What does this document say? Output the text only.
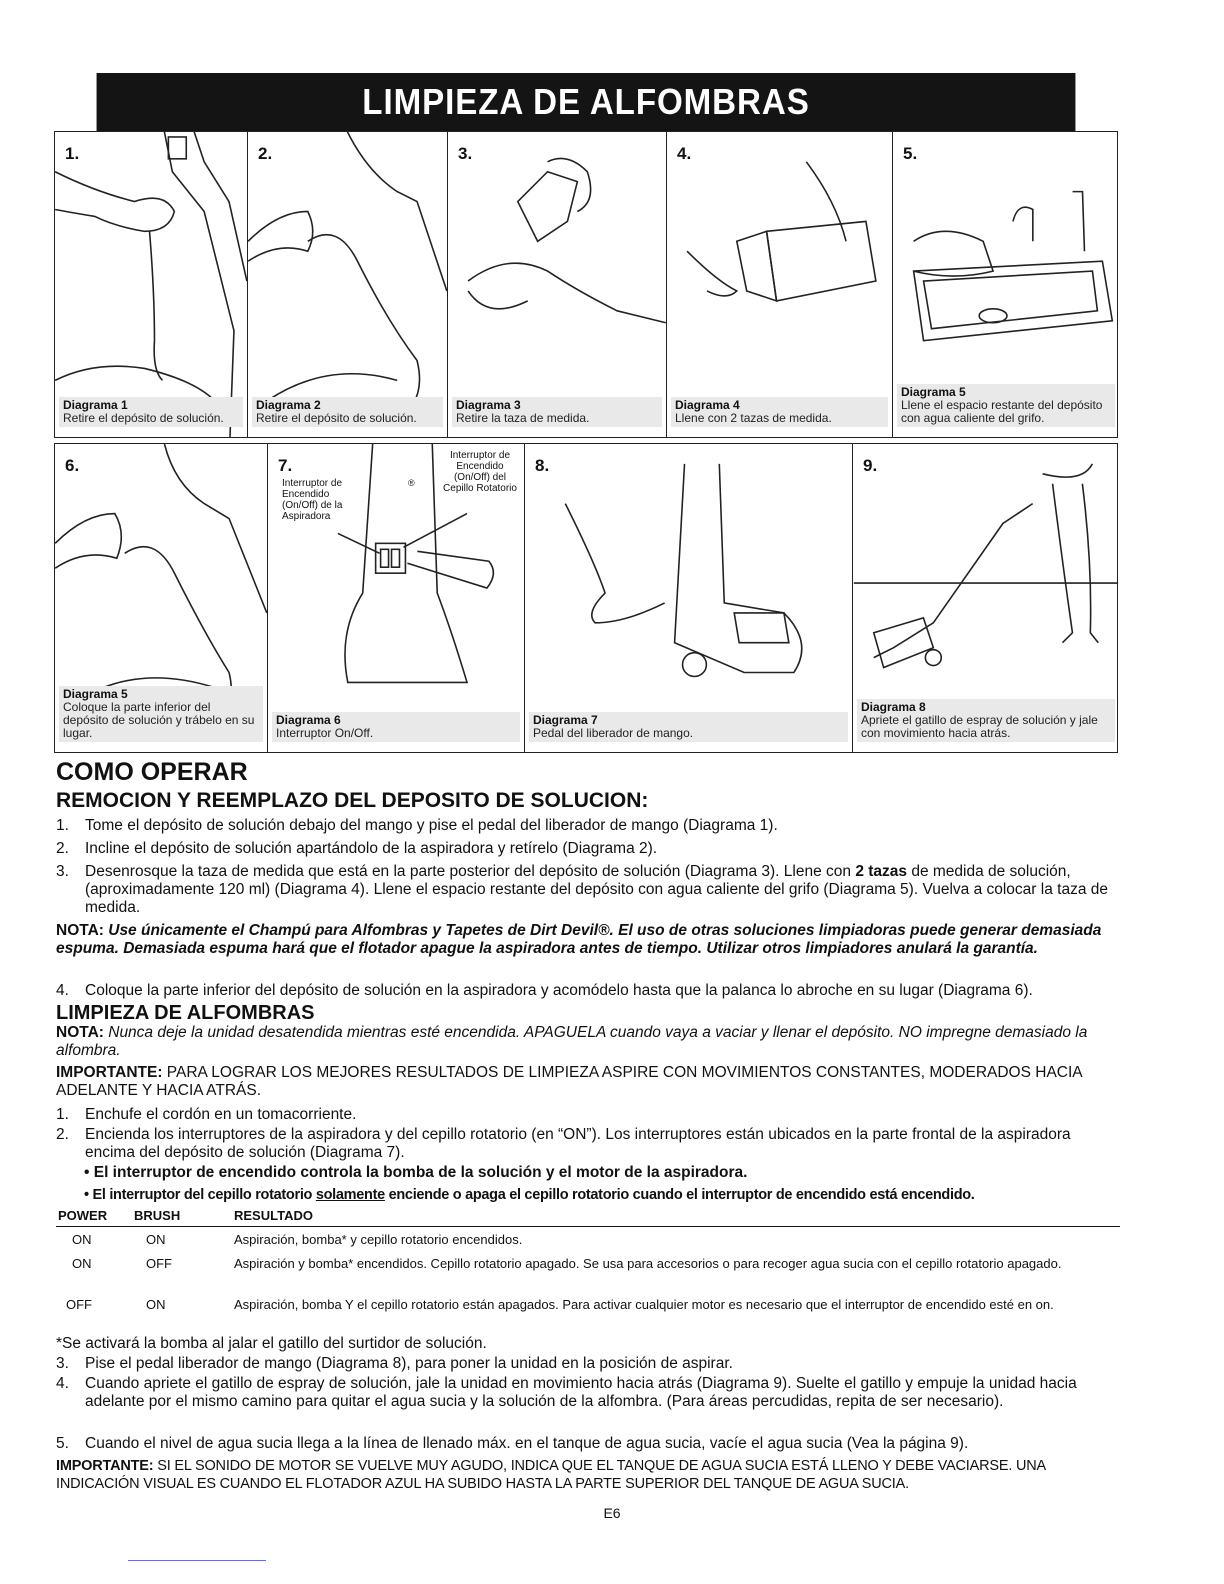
LIMPIEZA DE ALFOMBRAS
1.
Diagrama 1
Retire el depósito de solución.
2.
Diagrama 2
Retire el depósito de solución.
3.
Diagrama 3
Retire la taza de medida.
4.
Diagrama 4
Llene con 2 tazas de medida.
5.
Diagrama 5
Llene el espacio restante del depósito con agua caliente del grifo.
6.
Diagrama 5
Coloque la parte inferior del depósito de solución y trábelo en su lugar.
7.
Interruptor de Encendido (On/Off) de la Aspiradora
®
Interruptor de Encendido (On/Off) del Cepillo Rotatorio
Diagrama 6
Interruptor On/Off.
8.
Diagrama 7
Pedal del liberador de mango.
9.
Diagrama 8
Apriete el gatillo de espray de solución y jale con movimiento hacia atrás.
COMO OPERAR
REMOCION Y REEMPLAZO DEL DEPOSITO DE SOLUCION:
1. Tome el depósito de solución debajo del mango y pise el pedal del liberador de mango (Diagrama 1).
2. Incline el depósito de solución apartándolo de la aspiradora y retírelo (Diagrama 2).
3. Desenrosque la taza de medida que está en la parte posterior del depósito de solución (Diagrama 3). Llene con 2 tazas de medida de solución, (aproximadamente 120 ml) (Diagrama 4). Llene el espacio restante del depósito con agua caliente del grifo (Diagrama 5). Vuelva a colocar la taza de medida.
NOTA: Use únicamente el Champú para Alfombras y Tapetes de Dirt Devil®. El uso de otras soluciones limpiadoras puede generar demasiada espuma. Demasiada espuma hará que el flotador apague la aspiradora antes de tiempo. Utilizar otros limpiadores anulará la garantía.
4. Coloque la parte inferior del depósito de solución en la aspiradora y acomódelo hasta que la palanca lo abroche en su lugar (Diagrama 6).
LIMPIEZA DE ALFOMBRAS
NOTA: Nunca deje la unidad desatendida mientras esté encendida. APAGUELA cuando vaya a vaciar y llenar el depósito. NO impregne demasiado la alfombra.
IMPORTANTE: PARA LOGRAR LOS MEJORES RESULTADOS DE LIMPIEZA ASPIRE CON MOVIMIENTOS CONSTANTES, MODERADOS HACIA ADELANTE Y HACIA ATRÁS.
1. Enchufe el cordón en un tomacorriente.
2. Encienda los interruptores de la aspiradora y del cepillo rotatorio (en “ON”). Los interruptores están ubicados en la parte frontal de la aspiradora encima del depósito de solución (Diagrama 7).
• El interruptor de encendido controla la bomba de la solución y el motor de la aspiradora.
• El interruptor del cepillo rotatorio solamente enciende o apaga el cepillo rotatorio cuando el interruptor de encendido está encendido.
POWER BRUSH	RESULTADO
ON	ON	Aspiración, bomba* y cepillo rotatorio encendidos.
ON	OFF	Aspiración y bomba* encendidos. Cepillo rotatorio apagado. Se usa para accesorios o para recoger agua sucia con el cepillo rotatorio apagado.
OFF	ON	Aspiración, bomba Y el cepillo rotatorio están apagados. Para activar cualquier motor es necesario que el interruptor de encendido esté en on.
*Se activará la bomba al jalar el gatillo del surtidor de solución.
3. Pise el pedal liberador de mango (Diagrama 8), para poner la unidad en la posición de aspirar.
4. Cuando apriete el gatillo de espray de solución, jale la unidad en movimiento hacia atrás (Diagrama 9). Suelte el gatillo y empuje la unidad hacia adelante por el mismo camino para quitar el agua sucia y la solución de la alfombra. (Para áreas percudidas, repita de ser necesario).
5. Cuando el nivel de agua sucia llega a la línea de llenado máx. en el tanque de agua sucia, vacíe el agua sucia (Vea la página 9).
IMPORTANTE: SI EL SONIDO DE MOTOR SE VUELVE MUY AGUDO, INDICA QUE EL TANQUE DE AGUA SUCIA ESTÁ LLENO Y DEBE VACIARSE. UNA INDICACIÓN VISUAL ES CUANDO EL FLOTADOR AZUL HA SUBIDO HASTA LA PARTE SUPERIOR DEL TANQUE DE AGUA SUCIA.
E6
